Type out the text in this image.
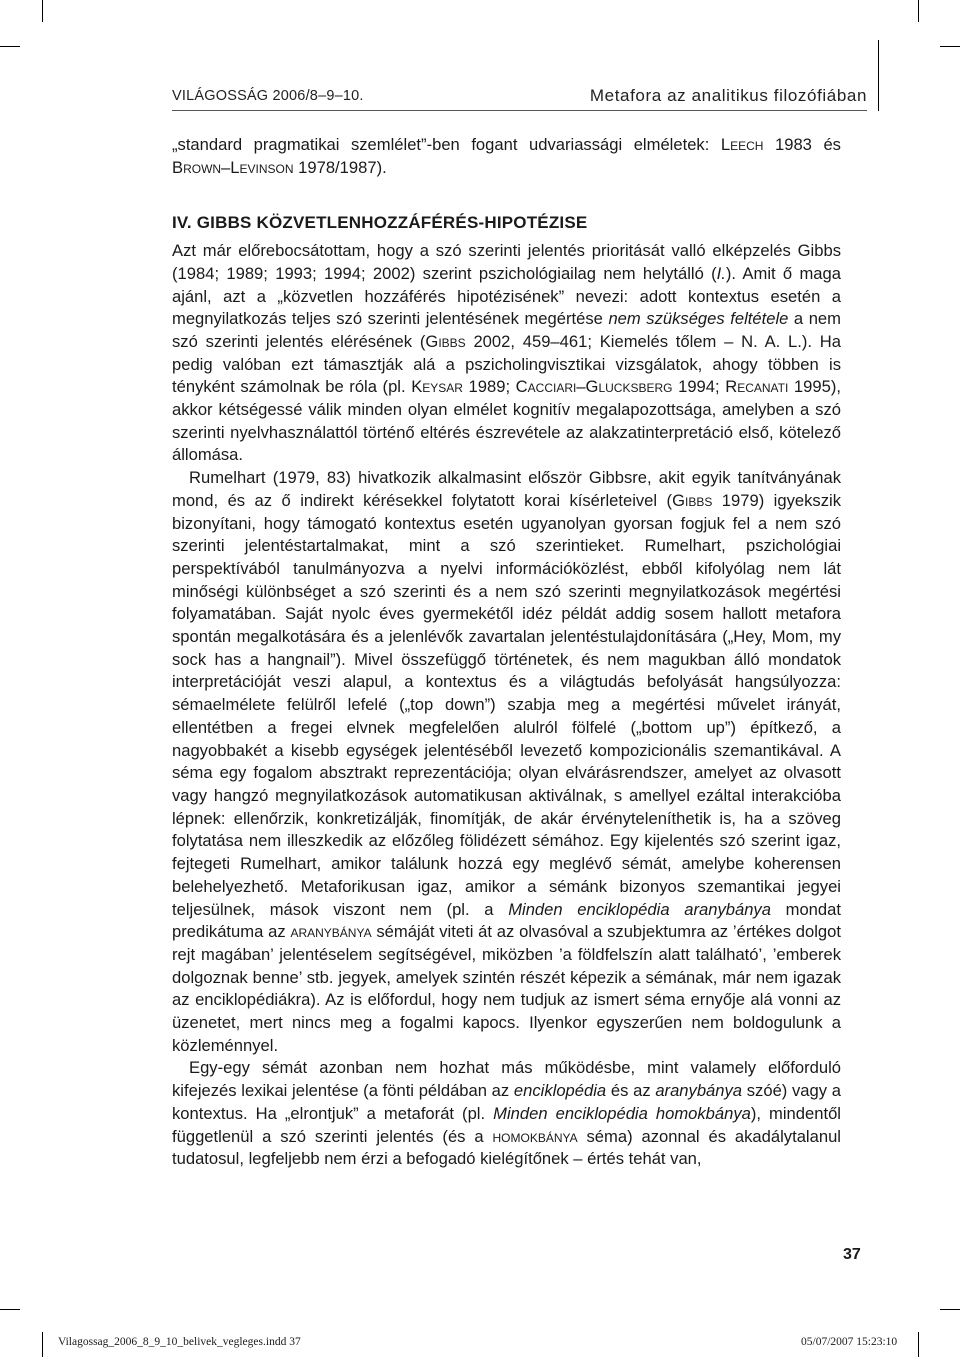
VILÁGOSSÁG 2006/8–9–10.	Metafora az analitikus filozófiában

„standard pragmatikai szemlélet”-ben fogant udvariassági elméletek: Leech 1983 és Brown–Levinson 1978/1987).

IV. GIBBS KÖZVETLENHOZZÁFÉRÉS-HIPOTÉZISE

Azt már előrebocsátottam, hogy a szó szerinti jelentés prioritását valló elképzelés Gibbs (1984; 1989; 1993; 1994; 2002) szerint pszichológiailag nem helytálló (I.). Amit ő maga ajánl, azt a „közvetlen hozzáférés hipotézisének” nevezi: adott kontextus esetén a megnyilatkozás teljes szó szerinti jelentésének megértése nem szükséges feltétele a nem szó szerinti jelentés elérésének (Gibbs 2002, 459–461; Kiemelés tőlem – N. A. L.). Ha pedig valóban ezt támasztják alá a pszicholingvisztikai vizsgálatok, ahogy többen is tényként számolnak be róla (pl. Keysar 1989; Cacciari–Glucksberg 1994; Recanati 1995), akkor kétségessé válik minden olyan elmélet kognitív megalapozottsága, amelyben a szó szerinti nyelvhasználattól történő eltérés észrevétele az alakzatinterpretáció első, kötelező állomása.

Rumelhart (1979, 83) hivatkozik alkalmasint először Gibbsre, akit egyik tanítványának mond, és az ő indirekt kérésekkel folytatott korai kísérleteivel (Gibbs 1979) igyekszik bizonyítani, hogy támogató kontextus esetén ugyanolyan gyorsan fogjuk fel a nem szó szerinti jelentéstartalmakat, mint a szó szerintieket. Rumelhart, pszichológiai perspektívából tanulmányozva a nyelvi információközlést, ebből kifolyólag nem lát minőségi különbséget a szó szerinti és a nem szó szerinti megnyilatkozások megértési folyamatában. Saját nyolc éves gyermekétől idéz példát addig sosem hallott metafora spontán megalkotására és a jelenlévők zavartalan jelentéstulajdonítására („Hey, Mom, my sock has a hangnail”). Mivel összefüggő történetek, és nem magukban álló mondatok interpretációját veszi alapul, a kontextus és a világtudás befolyását hangsúlyozza: sémaelmélete felülről lefelé („top down”) szabja meg a megértési művelet irányát, ellentétben a fregei elvnek megfelelően alulról fölfelé („bottom up”) építkező, a nagyobbakét a kisebb egységek jelentéséből levezető kompozicionális szemantikával. A séma egy fogalom absztrakt reprezentációja; olyan elvárásrendszer, amelyet az olvasott vagy hangzó megnyilatkozások automatikusan aktiválnak, s amellyel ezáltal interakcióba lépnek: ellenőrzik, konkretizálják, finomítják, de akár érvényteleníthetik is, ha a szöveg folytatása nem illeszkedik az előzőleg fölidézett sémához. Egy kijelentés szó szerint igaz, fejtegeti Rumelhart, amikor találunk hozzá egy meglévő sémát, amelybe koherensen belehelyezhető. Metaforikusan igaz, amikor a sémánk bizonyos szemantikai jegyei teljesülnek, mások viszont nem (pl. a Minden enciklopédia aranybánya mondat predikátuma az aranybánya sémáját viteti át az olvasóval a szubjektumra az ’értékes dolgot rejt magában’ jelentéselem segítségével, miközben ’a földfelszín alatt található’, ’emberek dolgoznak benne’ stb. jegyek, amelyek szintén részét képezik a sémának, már nem igazak az enciklopédiákra). Az is előfordul, hogy nem tudjuk az ismert séma ernyője alá vonni az üzenetet, mert nincs meg a fogalmi kapocs. Ilyenkor egyszerűen nem boldogulunk a közleménnyel.

Egy-egy sémát azonban nem hozhat más működésbe, mint valamely előforduló kifejezés lexikai jelentése (a fönti példában az enciklopédia és az aranybánya szóé) vagy a kontextus. Ha „elrontjuk” a metaforát (pl. Minden enciklopédia homokbánya), mindentől függetlenül a szó szerinti jelentés (és a homokbánya séma) azonnal és akadálytalanul tudatosul, legfeljebb nem érzi a befogadó kielégítőnek – értés tehát van,

37
Vilagossag_2006_8_9_10_belivek_vegleges.indd 37	05/07/2007 15:23:10
